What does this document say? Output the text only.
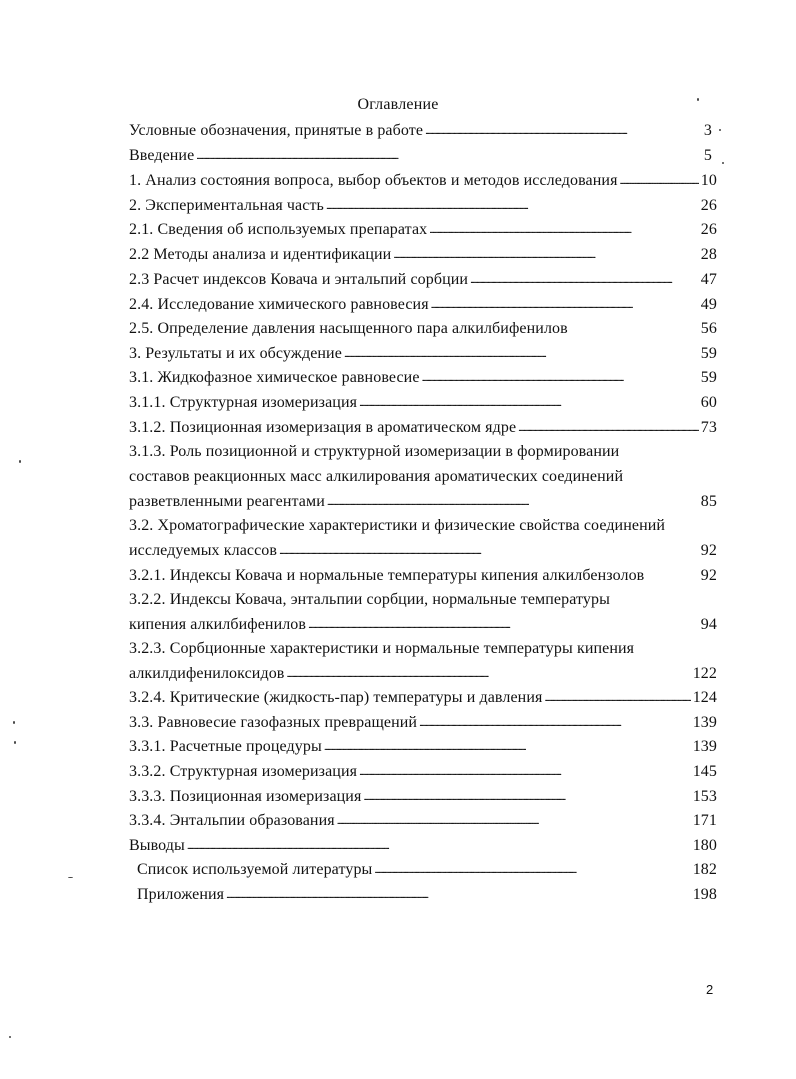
Оглавление
Условные обозначения, принятые в работе . . .	3
Введение . . .	5
1. Анализ состояния вопроса, выбор объектов и методов исследования . . .	10
2. Экспериментальная часть . . .	26
2.1. Сведения об используемых препаратах . . .	26
2.2 Методы анализа и идентификации . . .	28
2.3 Расчет индексов Ковача и энтальпий сорбции . . .	47
2.4. Исследование химического равновесия . . .	49
2.5. Определение давления насыщенного пара алкилбифенилов	56
3. Результаты и их обсуждение . . .	59
3.1. Жидкофазное химическое равновесие . . .	59
3.1.1. Структурная изомеризация . . .	60
3.1.2. Позиционная изомеризация в ароматическом ядре . . .	73
3.1.3. Роль позиционной и структурной изомеризации в формировании
составов реакционных масс алкилирования ароматических соединений
разветвленными реагентами . . .	85
3.2. Хроматографические характеристики и физические свойства соединений
исследуемых классов . . .	92
3.2.1. Индексы Ковача и нормальные температуры кипения алкилбензолов	92
3.2.2. Индексы Ковача, энтальпии сорбции, нормальные температуры
кипения алкилбифенилов . . .	94
3.2.3. Сорбционные характеристики и нормальные температуры кипения
алкилдифенилоксидов . . .	122
3.2.4. Критические (жидкость-пар) температуры и давления . . .	124
3.3. Равновесие газофазных превращений . . .	139
3.3.1. Расчетные процедуры . . .	139
3.3.2. Структурная изомеризация . . .	145
3.3.3. Позиционная изомеризация . . .	153
3.3.4. Энтальпии образования . . .	171
Выводы . . .	180
Список используемой литературы . . .	182
Приложения . . .	198
2
